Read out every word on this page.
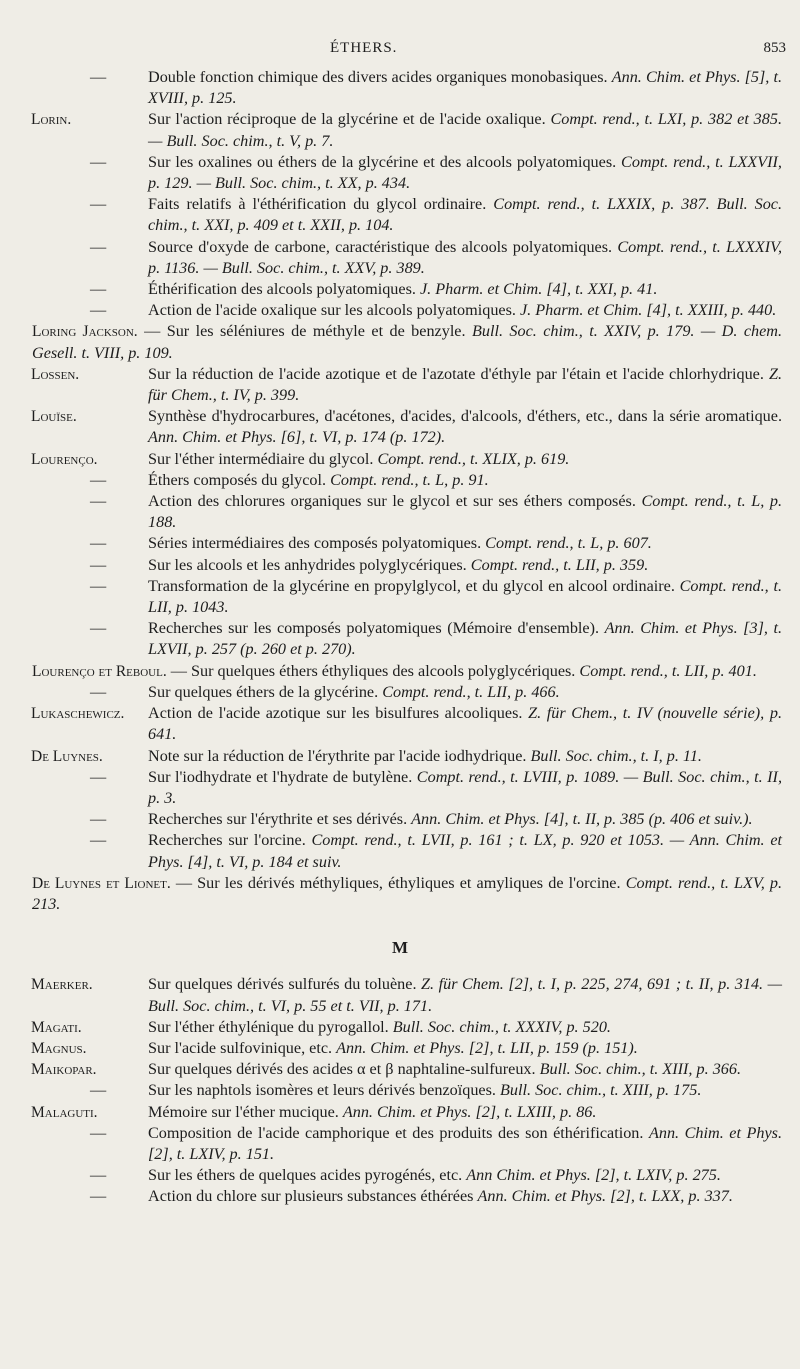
ÉTHERS.	853
—	Double fonction chimique des divers acides organiques monobasiques. Ann. Chim. et Phys. [5], t. XVIII, p. 125.
Lorin.	Sur l'action réciproque de la glycérine et de l'acide oxalique. Compt. rend., t. LXI, p. 382 et 385. — Bull. Soc. chim., t. V, p. 7.
—	Sur les oxalines ou éthers de la glycérine et des alcools polyatomiques. Compt. rend., t. LXXVII, p. 129. — Bull. Soc. chim., t. XX, p. 434.
—	Faits relatifs à l'éthérification du glycol ordinaire. Compt. rend., t. LXXIX, p. 387. Bull. Soc. chim., t. XXI, p. 409 et t. XXII, p. 104.
—	Source d'oxyde de carbone, caractéristique des alcools polyatomiques. Compt. rend., t. LXXXIV, p. 1136. — Bull. Soc. chim., t. XXV, p. 389.
—	Éthérification des alcools polyatomiques. J. Pharm. et Chim. [4], t. XXI, p. 41.
—	Action de l'acide oxalique sur les alcools polyatomiques. J. Pharm. et Chim. [4], t. XXIII, p. 440.
Loring Jackson. — Sur les séléniures de méthyle et de benzyle. Bull. Soc. chim., t. XXIV, p. 179. — D. chem. Gesell. t. VIII, p. 109.
Lossen.	Sur la réduction de l'acide azotique et de l'azotate d'éthyle par l'étain et l'acide chlorhydrique. Z. für Chem., t. IV, p. 399.
Louïse.	Synthèse d'hydrocarbures, d'acétones, d'acides, d'alcools, d'éthers, etc., dans la série aromatique. Ann. Chim. et Phys. [6], t. VI, p. 174 (p. 172).
Lourenço.	Sur l'éther intermédiaire du glycol. Compt. rend., t. XLIX, p. 619.
—	Éthers composés du glycol. Compt. rend., t. L, p. 91.
—	Action des chlorures organiques sur le glycol et sur ses éthers composés. Compt. rend., t. L, p. 188.
—	Séries intermédiaires des composés polyatomiques. Compt. rend., t. L, p. 607.
—	Sur les alcools et les anhydrides polyglycériques. Compt. rend., t. LII, p. 359.
—	Transformation de la glycérine en propylglycol, et du glycol en alcool ordinaire. Compt. rend., t. LII, p. 1043.
—	Recherches sur les composés polyatomiques (Mémoire d'ensemble). Ann. Chim. et Phys. [3], t. LXVII, p. 257 (p. 260 et p. 270).
Lourenço et Reboul. — Sur quelques éthers éthyliques des alcools polyglycériques. Compt. rend., t. LII, p. 401.
—	Sur quelques éthers de la glycérine. Compt. rend., t. LII, p. 466.
Lukaschewicz.	Action de l'acide azotique sur les bisulfures alcooliques. Z. für Chem., t. IV (nouvelle série), p. 641.
De Luynes.	Note sur la réduction de l'érythrite par l'acide iodhydrique. Bull. Soc. chim., t. I, p. 11.
—	Sur l'iodhydrate et l'hydrate de butylène. Compt. rend., t. LVIII, p. 1089. — Bull. Soc. chim., t. II, p. 3.
—	Recherches sur l'érythrite et ses dérivés. Ann. Chim. et Phys. [4], t. II, p. 385 (p. 406 et suiv.).
—	Recherches sur l'orcine. Compt. rend., t. LVII, p. 161 ; t. LX, p. 920 et 1053. — Ann. Chim. et Phys. [4], t. VI, p. 184 et suiv.
De Luynes et Lionet. — Sur les dérivés méthyliques, éthyliques et amyliques de l'orcine. Compt. rend., t. LXV, p. 213.
M
Maerker.	Sur quelques dérivés sulfurés du toluène. Z. für Chem. [2], t. I, p. 225, 274, 691 ; t. II, p. 314. — Bull. Soc. chim., t. VI, p. 55 et t. VII, p. 171.
Magati.	Sur l'éther éthylénique du pyrogallol. Bull. Soc. chim., t. XXXIV, p. 520.
Magnus.	Sur l'acide sulfovinique, etc. Ann. Chim. et Phys. [2], t. LII, p. 159 (p. 151).
Maikopar.	Sur quelques dérivés des acides α et β naphtaline-sulfureux. Bull. Soc. chim., t. XIII, p. 366.
—	Sur les naphtols isomères et leurs dérivés benzoïques. Bull. Soc. chim., t. XIII, p. 175.
Malaguti.	Mémoire sur l'éther mucique. Ann. Chim. et Phys. [2], t. LXIII, p. 86.
—	Composition de l'acide camphorique et des produits des son éthérification. Ann. Chim. et Phys. [2], t. LXIV, p. 151.
—	Sur les éthers de quelques acides pyrogénés, etc. Ann Chim. et Phys. [2], t. LXIV, p. 275.
—	Action du chlore sur plusieurs substances éthérées Ann. Chim. et Phys. [2], t. LXX, p. 337.
